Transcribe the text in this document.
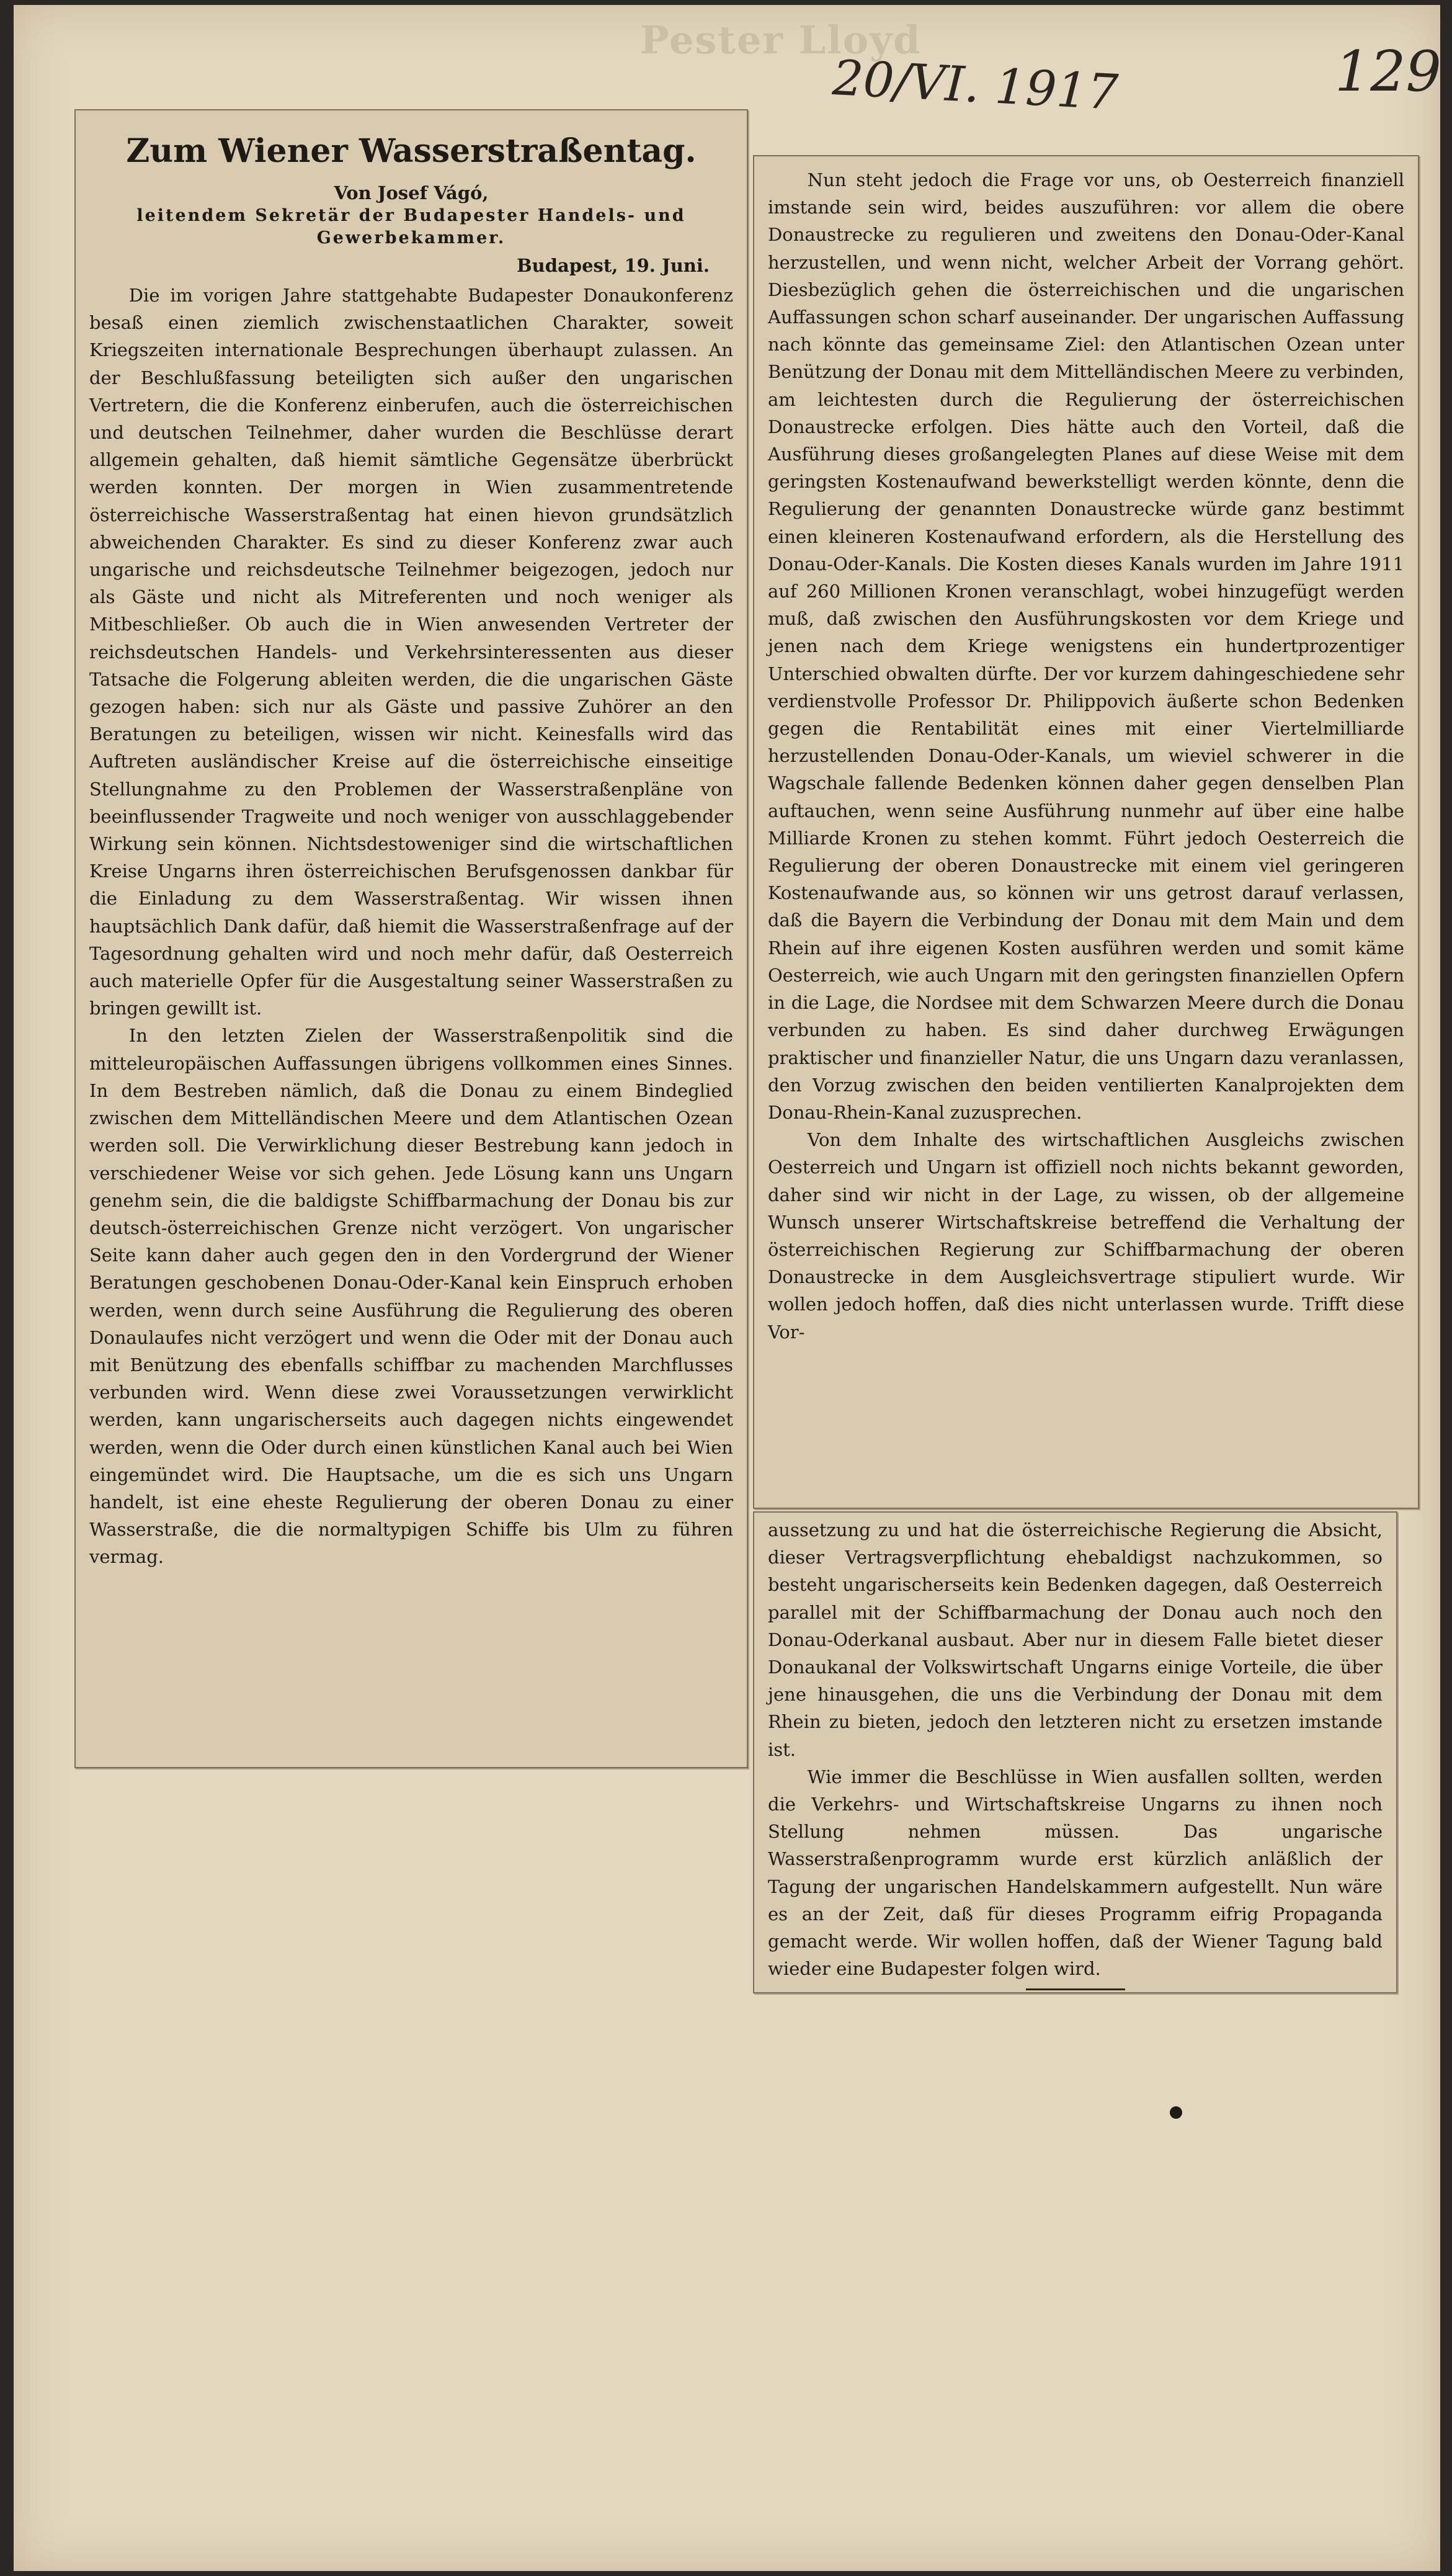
Pester Lloyd
20/VI. 1917	129
Zum Wiener Wasserstraßentag.
Von Josef Vágó,
leitendem Sekretär der Budapester Handels- und Gewerbekammer.
Budapest, 19. Juni.

Die im vorigen Jahre stattgehabte Budapester Donaukonferenz besaß einen ziemlich zwischenstaatlichen Charakter, soweit Kriegszeiten internationale Besprechungen überhaupt zulassen. An der Beschlußfassung beteiligten sich außer den ungarischen Vertretern, die die Konferenz einberufen, auch die österreichischen und deutschen Teilnehmer, daher wurden die Beschlüsse derart allgemein gehalten, daß hiemit sämtliche Gegensätze überbrückt werden konnten. Der morgen in Wien zusammentretende österreichische Wasserstraßentag hat einen hievon grundsätzlich abweichenden Charakter. Es sind zu dieser Konferenz zwar auch ungarische und reichsdeutsche Teilnehmer beigezogen, jedoch nur als Gäste und nicht als Mitreferenten und noch weniger als Mitbeschließer. Ob auch die in Wien anwesenden Vertreter der reichsdeutschen Handels- und Verkehrsinteressenten aus dieser Tatsache die Folgerung ableiten werden, die die ungarischen Gäste gezogen haben: sich nur als Gäste und passive Zuhörer an den Beratungen zu beteiligen, wissen wir nicht. Keinesfalls wird das Auftreten ausländischer Kreise auf die österreichische einseitige Stellungnahme zu den Problemen der Wasserstraßenpläne von beeinflussender Tragweite und noch weniger von ausschlaggebender Wirkung sein können. Nichtsdestoweniger sind die wirtschaftlichen Kreise Ungarns ihren österreichischen Berufsgenossen dankbar für die Einladung zu dem Wasserstraßentag. Wir wissen ihnen hauptsächlich Dank dafür, daß hiemit die Wasserstraßenfrage auf der Tagesordnung gehalten wird und noch mehr dafür, daß Oesterreich auch materielle Opfer für die Ausgestaltung seiner Wasserstraßen zu bringen gewillt ist.

In den letzten Zielen der Wasserstraßenpolitik sind die mitteleuropäischen Auffassungen übrigens vollkommen eines Sinnes. In dem Bestreben nämlich, daß die Donau zu einem Bindeglied zwischen dem Mittelländischen Meere und dem Atlantischen Ozean werden soll. Die Verwirklichung dieser Bestrebung kann jedoch in verschiedener Weise vor sich gehen. Jede Lösung kann uns Ungarn genehm sein, die die baldigste Schiffbarmachung der Donau bis zur deutsch-österreichischen Grenze nicht verzögert. Von ungarischer Seite kann daher auch gegen den in den Vordergrund der Wiener Beratungen geschobenen Donau-Oder-Kanal kein Einspruch erhoben werden, wenn durch seine Ausführung die Regulierung des oberen Donaulaufes nicht verzögert und wenn die Oder mit der Donau auch mit Benützung des ebenfalls schiffbar zu machenden Marchflusses verbunden wird. Wenn diese zwei Voraussetzungen verwirklicht werden, kann ungarischerseits auch dagegen nichts eingewendet werden, wenn die Oder durch einen künstlichen Kanal auch bei Wien eingemündet wird. Die Hauptsache, um die es sich uns Ungarn handelt, ist eine eheste Regulierung der oberen Donau zu einer Wasserstraße, die die normaltypigen Schiffe bis Ulm zu führen vermag.

Nun steht jedoch die Frage vor uns, ob Oesterreich finanziell imstande sein wird, beides auszuführen: vor allem die obere Donaustrecke zu regulieren und zweitens den Donau-Oder-Kanal herzustellen, und wenn nicht, welcher Arbeit der Vorrang gehört. Diesbezüglich gehen die österreichischen und die ungarischen Auffassungen schon scharf auseinander. Der ungarischen Auffassung nach könnte das gemeinsame Ziel: den Atlantischen Ozean unter Benützung der Donau mit dem Mittelländischen Meere zu verbinden, am leichtesten durch die Regulierung der österreichischen Donaustrecke erfolgen. Dies hätte auch den Vorteil, daß die Ausführung dieses großangelegten Planes auf diese Weise mit dem geringsten Kostenaufwand bewerkstelligt werden könnte, denn die Regulierung der genannten Donaustrecke würde ganz bestimmt einen kleineren Kostenaufwand erfordern, als die Herstellung des Donau-Oder-Kanals. Die Kosten dieses Kanals wurden im Jahre 1911 auf 260 Millionen Kronen veranschlagt, wobei hinzugefügt werden muß, daß zwischen den Ausführungskosten vor dem Kriege und jenen nach dem Kriege wenigstens ein hundertprozentiger Unterschied obwalten dürfte. Der vor kurzem dahingeschiedene sehr verdienstvolle Professor Dr. Philippovich äußerte schon Bedenken gegen die Rentabilität eines mit einer Viertelmilliarde herzustellenden Donau-Oder-Kanals, um wieviel schwerer in die Wagschale fallende Bedenken können daher gegen denselben Plan auftauchen, wenn seine Ausführung nunmehr auf über eine halbe Milliarde Kronen zu stehen kommt. Führt jedoch Oesterreich die Regulierung der oberen Donaustrecke mit einem viel geringeren Kostenaufwande aus, so können wir uns getrost darauf verlassen, daß die Bayern die Verbindung der Donau mit dem Main und dem Rhein auf ihre eigenen Kosten ausführen werden und somit käme Oesterreich, wie auch Ungarn mit den geringsten finanziellen Opfern in die Lage, die Nordsee mit dem Schwarzen Meere durch die Donau verbunden zu haben. Es sind daher durchweg Erwägungen praktischer und finanzieller Natur, die uns Ungarn dazu veranlassen, den Vorzug zwischen den beiden ventilierten Kanalprojekten dem Donau-Rhein-Kanal zuzusprechen.

Von dem Inhalte des wirtschaftlichen Ausgleichs zwischen Oesterreich und Ungarn ist offiziell noch nichts bekannt geworden, daher sind wir nicht in der Lage, zu wissen, ob der allgemeine Wunsch unserer Wirtschaftskreise betreffend die Verhaltung der österreichischen Regierung zur Schiffbarmachung der oberen Donaustrecke in dem Ausgleichsvertrage stipuliert wurde. Wir wollen jedoch hoffen, daß dies nicht unterlassen wurde. Trifft diese Vor-

aussetzung zu und hat die österreichische Regierung die Absicht, dieser Vertragsverpflichtung ehebaldigst nachzukommen, so besteht ungarischerseits kein Bedenken dagegen, daß Oesterreich parallel mit der Schiffbarmachung der Donau auch noch den Donau-Oderkanal ausbaut. Aber nur in diesem Falle bietet dieser Donaukanal der Volkswirtschaft Ungarns einige Vorteile, die über jene hinausgehen, die uns die Verbindung der Donau mit dem Rhein zu bieten, jedoch den letzteren nicht zu ersetzen imstande ist.

Wie immer die Beschlüsse in Wien ausfallen sollten, werden die Verkehrs- und Wirtschaftskreise Ungarns zu ihnen noch Stellung nehmen müssen. Das ungarische Wasserstraßenprogramm wurde erst kürzlich anläßlich der Tagung der ungarischen Handelskammern aufgestellt. Nun wäre es an der Zeit, daß für dieses Programm eifrig Propaganda gemacht werde. Wir wollen hoffen, daß der Wiener Tagung bald wieder eine Budapester folgen wird.
